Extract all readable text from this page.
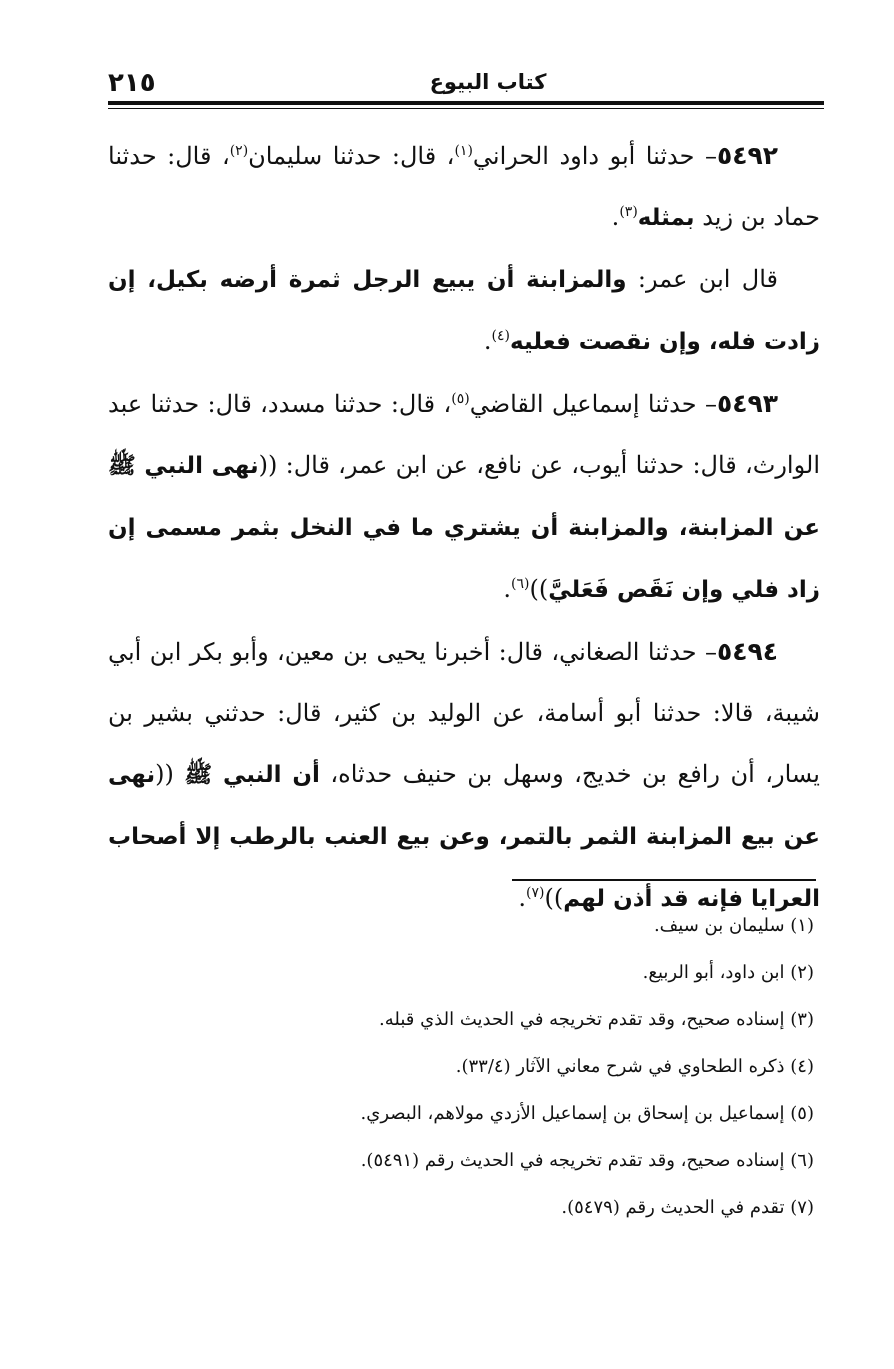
٢١٥	كتاب البيوع

٥٤٩٢– حدثنا أبو داود الحراني$^{(١)}$، قال: حدثنا سليمان$^{(٢)}$، قال: حدثنا حماد بن زيد بمثله$^{(٣)}$.

قال ابن عمر: والمزابنة أن يبيع الرجل ثمرة أرضه بكيل، إن زادت فله، وإن نقصت فعليه$^{(٤)}$.

٥٤٩٣– حدثنا إسماعيل القاضي$^{(٥)}$، قال: حدثنا مسدد، قال: حدثنا عبد الوارث، قال: حدثنا أيوب، عن نافع، عن ابن عمر، قال: ((نهى النبي ﷺ عن المزابنة، والمزابنة أن يشتري ما في النخل بثمر مسمى إن زاد فلي وإن نَقَص فَعَليَّ))$^{(٦)}$.

٥٤٩٤– حدثنا الصغاني، قال: أخبرنا يحيى بن معين، وأبو بكر ابن أبي شيبة، قالا: حدثنا أبو أسامة، عن الوليد بن كثير، قال: حدثني بشير بن يسار، أن رافع بن خديج، وسهل بن حنيف حدثاه، أن النبي ﷺ ((نهى عن بيع المزابنة الثمر بالتمر، وعن بيع العنب بالرطب إلا أصحاب العرايا فإنه قد أذن لهم))$^{(٧)}$.

(١) سليمان بن سيف.
(٢) ابن داود، أبو الربيع.
(٣) إسناده صحيح، وقد تقدم تخريجه في الحديث الذي قبله.
(٤) ذكره الطحاوي في شرح معاني الآثار (٣٣/٤).
(٥) إسماعيل بن إسحاق بن إسماعيل الأزدي مولاهم، البصري.
(٦) إسناده صحيح، وقد تقدم تخريجه في الحديث رقم (٥٤٩١).
(٧) تقدم في الحديث رقم (٥٤٧٩).
